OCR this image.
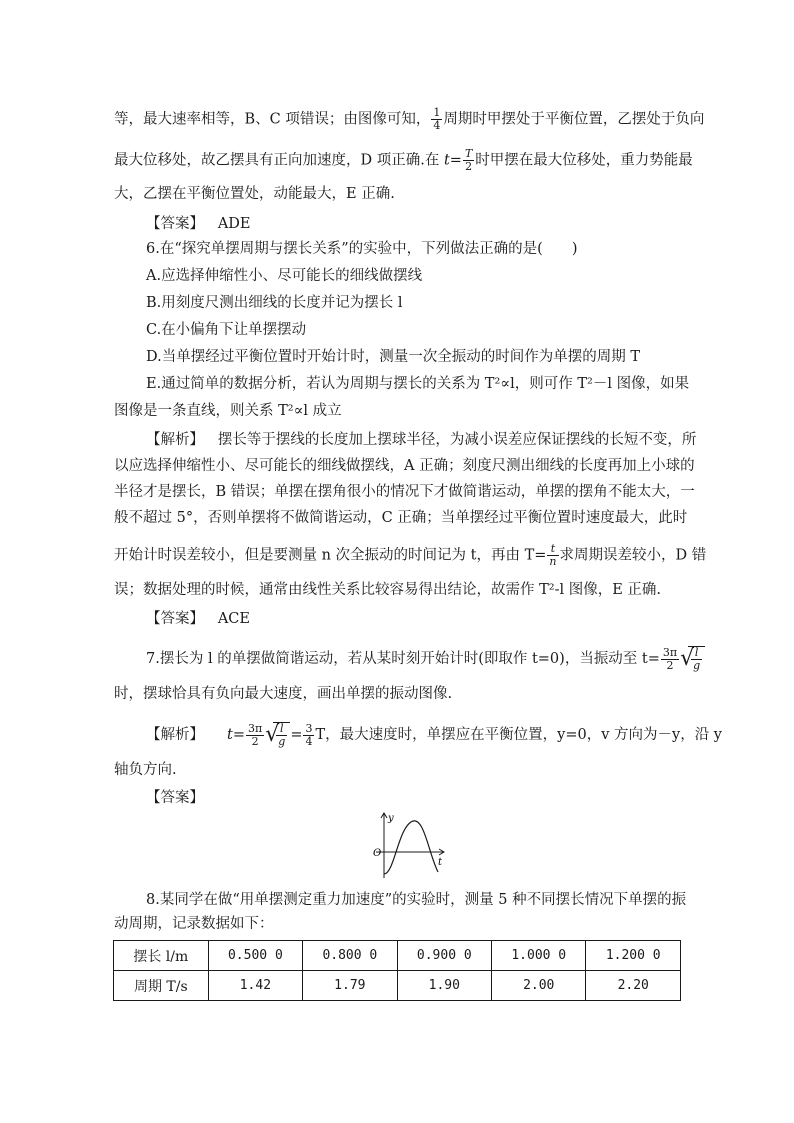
等，最大速率相等，B、C 项错误；由图像可知， $\frac{1}{4}$ 周期时甲摆处于平衡位置，乙摆处于负向
最大位移处，故乙摆具有正向加速度，D 项正确.在 $t= \frac{T}{2}$ 时甲摆在最大位移处，重力势能最
大，乙摆在平衡位置处，动能最大，E 正确.
【答案】 ADE
6.在“探究单摆周期与摆长关系”的实验中，下列做法正确的是(　　)
A.应选择伸缩性小、尽可能长的细线做摆线
B.用刻度尺测出细线的长度并记为摆长 l
C.在小偏角下让单摆摆动
D.当单摆经过平衡位置时开始计时，测量一次全振动的时间作为单摆的周期 T
E.通过简单的数据分析，若认为周期与摆长的关系为 T²∝l，则可作 T²－l 图像，如果
图像是一条直线，则关系 T²∝l 成立
【解析】 摆长等于摆线的长度加上摆球半径，为减小误差应保证摆线的长短不变，所
以应选择伸缩性小、尽可能长的细线做摆线，A 正确；刻度尺测出细线的长度再加上小球的
半径才是摆长，B 错误；单摆在摆角很小的情况下才做简谐运动，单摆的摆角不能太大，一
般不超过 5°，否则单摆将不做简谐运动，C 正确；当单摆经过平衡位置时速度最大，此时
开始计时误差较小，但是要测量 n 次全振动的时间记为 t，再由 $T= \frac{t}{n}$ 求周期误差较小，D 错
误；数据处理的时候，通常由线性关系比较容易得出结论，故需作 T²-l 图像，E 正确.
【答案】 ACE
7.摆长为 l 的单摆做简谐运动，若从某时刻开始计时(即取作 t=0)，当振动至 $t= \frac{3\pi}{2}$ √
$\frac{l}{g}$
时，摆球恰具有负向最大速度，画出单摆的振动图像.
【解析】 $t= \frac{3\pi}{2}$ √
$\frac{l}{g} = \frac{3}{4}$ T，最大速度时，单摆应在平衡位置，y=0，v 方向为－y，沿 y
轴负方向.
【答案】
y
O
t
8.某同学在做“用单摆测定重力加速度”的实验时，测量 5 种不同摆长情况下单摆的振
动周期，记录数据如下：
摆长 l/m	0.500 0	0.800 0	0.900 0	1.000 0	1.200 0
周期 T/s	1.42	1.79	1.90	2.00	2.20
